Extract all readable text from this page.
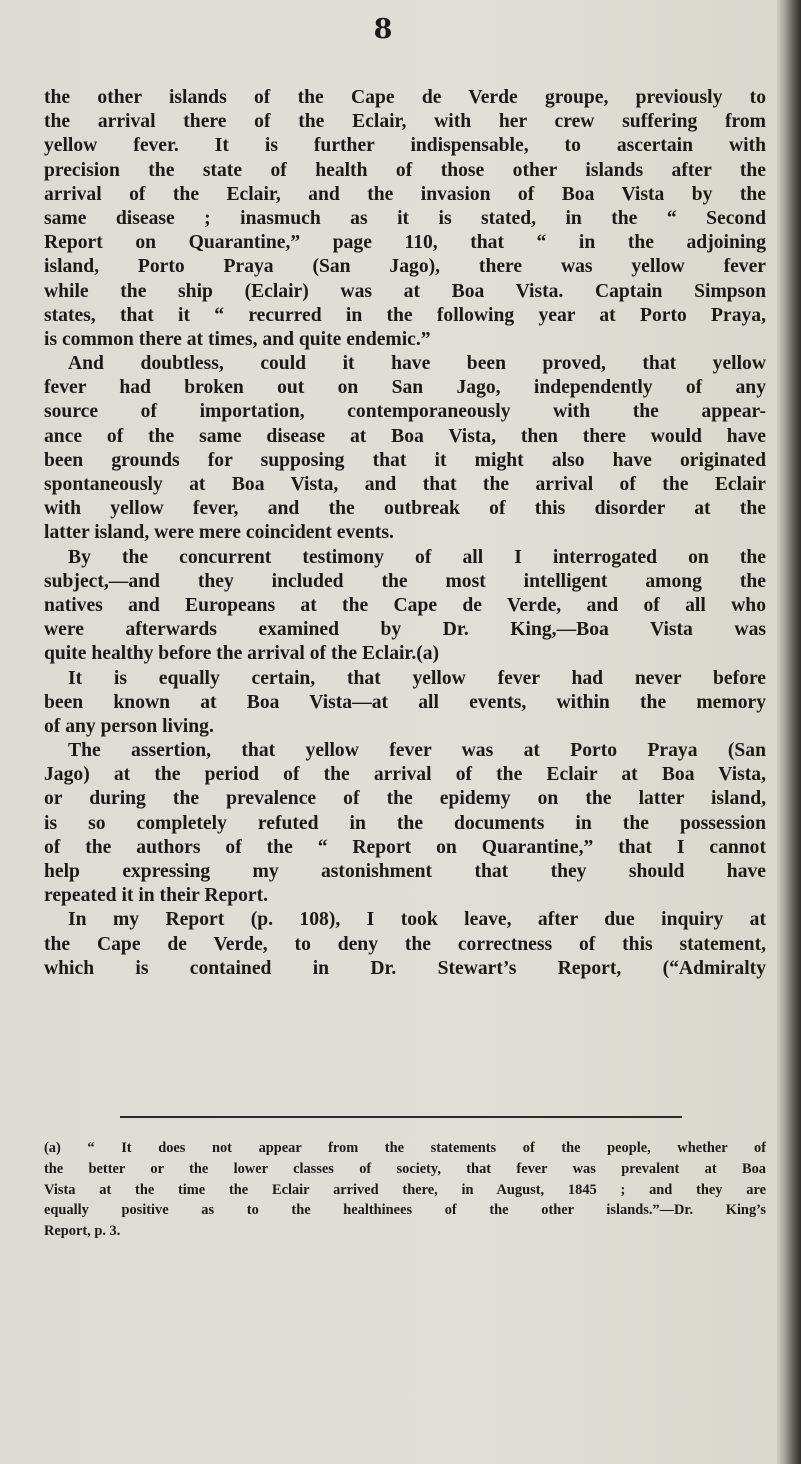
8
the other islands of the Cape de Verde groupe, previously to
the arrival there of the Eclair, with her crew suffering from
yellow fever. It is further indispensable, to ascertain with
precision the state of health of those other islands after the
arrival of the Eclair, and the invasion of Boa Vista by the
same disease ; inasmuch as it is stated, in the “ Second
Report on Quarantine,” page 110, that “ in the adjoining
island, Porto Praya (San Jago), there was yellow fever
while the ship (Eclair) was at Boa Vista. Captain Simpson
states, that it “ recurred in the following year at Porto Praya,
is common there at times, and quite endemic.”
And doubtless, could it have been proved, that yellow
fever had broken out on San Jago, independently of any
source of importation, contemporaneously with the appear-
ance of the same disease at Boa Vista, then there would have
been grounds for supposing that it might also have originated
spontaneously at Boa Vista, and that the arrival of the Eclair
with yellow fever, and the outbreak of this disorder at the
latter island, were mere coincident events.
By the concurrent testimony of all I interrogated on the
subject,—and they included the most intelligent among the
natives and Europeans at the Cape de Verde, and of all who
were afterwards examined by Dr. King,—Boa Vista was
quite healthy before the arrival of the Eclair.(a)
It is equally certain, that yellow fever had never before
been known at Boa Vista—at all events, within the memory
of any person living.
The assertion, that yellow fever was at Porto Praya (San
Jago) at the period of the arrival of the Eclair at Boa Vista,
or during the prevalence of the epidemy on the latter island,
is so completely refuted in the documents in the possession
of the authors of the “ Report on Quarantine,” that I cannot
help expressing my astonishment that they should have
repeated it in their Report.
In my Report (p. 108), I took leave, after due inquiry at
the Cape de Verde, to deny the correctness of this statement,
which is contained in Dr. Stewart’s Report, (“Admiralty
(a) “ It does not appear from the statements of the people, whether of
the better or the lower classes of society, that fever was prevalent at Boa
Vista at the time the Eclair arrived there, in August, 1845 ; and they are
equally positive as to the healthinees of the other islands.”—Dr. King’s
Report, p. 3.
